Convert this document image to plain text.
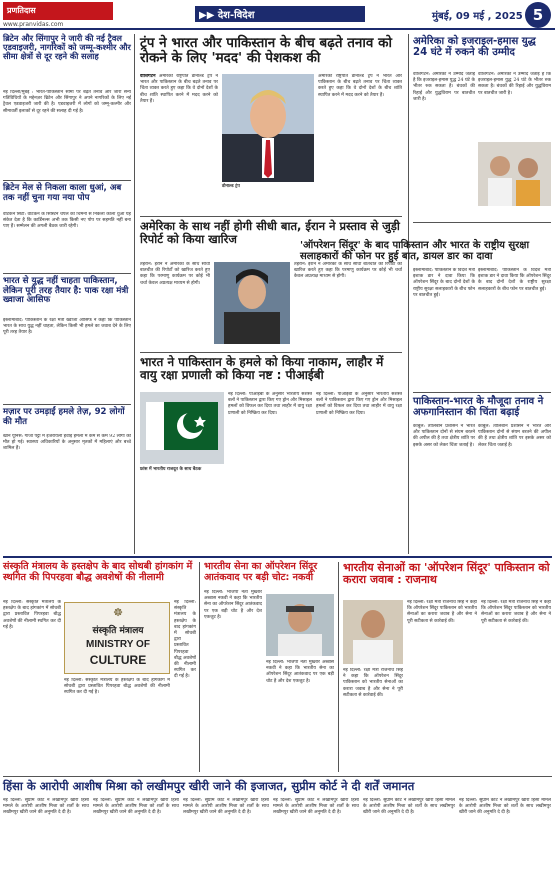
प्रणतिदास
www.pranvidas.com
▶▶ देश-विदेश	मुंबई, 09 मई , 2025 5
ब्रिटेन और सिंगापुर ने जारी की नई ट्रैवल एडवाइजरी, नागरिकों को जम्मू-कश्मीर और सीमा क्षेत्रों से दूर रहने की सलाह
नई दिल्ली/मुंबई : भारत-पाकिस्तान सीमा पर बढ़ते तनाव और जारी सैन्य गतिविधियों के मद्देनज़र ब्रिटेन और सिंगापुर ने अपने नागरिकों के लिए नई ट्रैवल एडवाइजरी जारी की है। एडवाइजरी में लोगों को जम्मू-कश्मीर और सीमावर्ती इलाकों से दूर रहने की सलाह दी गई है।
ब्रिटेन मेल से निकला काला धुआं, अब तक नहीं चुना गया नया पोप
वेटिकन सिटी: वेटिकन के सिस्टिन चैपल की चिमनी से निकला काला धुआं यह संकेत देता है कि कार्डिनल्स अभी तक किसी नए पोप पर सहमति नहीं बना पाए हैं। सम्मेलन की अगली बैठक जारी रहेगी।
भारत से युद्ध नहीं चाहता पाकिस्तान, लेकिन पूरी तरह तैयार है: पाक रक्षा मंत्री ख्वाजा आसिफ
इस्लामाबाद: पाकिस्तान के रक्षा मंत्री ख्वाजा आसिफ ने कहा कि पाकिस्तान भारत के साथ युद्ध नहीं चाहता, लेकिन किसी भी हमले का जवाब देने के लिए पूरी तरह तैयार है।
मज़ार पर उमड़ाईं हमले तेज़, 92 लोगों की मौत
खान यूनिस: गाजा पट्टी में इजरायली हवाई हमलों में कम से कम 92 लोगों की मौत हो गई। स्वास्थ्य अधिकारियों के अनुसार मृतकों में महिलाएं और बच्चे शामिल हैं।
ट्रंप ने भारत और पाकिस्तान के बीच बढ़ते तनाव को रोकने के लिए 'मदद' की पेशकश की
वाशिंगटन अमेरिकी राष्ट्रपति डोनाल्ड ट्रंप ने भारत और पाकिस्तान के बीच बढ़ते तनाव पर चिंता व्यक्त करते हुए कहा कि वे दोनों देशों के बीच शांति स्थापित करने में मदद करने को तैयार हैं।
डोनाल्ड ट्रंप
अमेरिकी राष्ट्रपति डोनाल्ड ट्रंप ने भारत और पाकिस्तान के बीच बढ़ते तनाव पर चिंता व्यक्त करते हुए कहा कि वे दोनों देशों के बीच शांति स्थापित करने में मदद करने को तैयार हैं।
अमेरिका के साथ नहीं होगी सीधी बात, ईरान ने प्रस्ताव से जुड़ी रिपोर्ट को किया खारिज
तेहरान: ईरान ने अमेरिका के साथ सीधी बातचीत की रिपोर्टों को खारिज करते हुए कहा कि परमाणु कार्यक्रम पर कोई भी चर्चा केवल अप्रत्यक्ष माध्यम से होगी।
तेहरान: ईरान ने अमेरिका के साथ सीधी बातचीत की रिपोर्टों को खारिज करते हुए कहा कि परमाणु कार्यक्रम पर कोई भी चर्चा केवल अप्रत्यक्ष माध्यम से होगी।
भारत ने पाकिस्तान के हमले को किया नाकाम, लाहौर में वायु रक्षा प्रणाली को किया नष्ट : पीआईबी
फ्रांस में भारतीय राजदूत के साथ बैठक
नई दिल्ली: पीआईबी के अनुसार भारतीय सशस्त्र बलों ने पाकिस्तान द्वारा किए गए ड्रोन और मिसाइल हमलों को विफल कर दिया तथा लाहौर में वायु रक्षा प्रणाली को निष्क्रिय कर दिया।
नई दिल्ली: पीआईबी के अनुसार भारतीय सशस्त्र बलों ने पाकिस्तान द्वारा किए गए ड्रोन और मिसाइल हमलों को विफल कर दिया तथा लाहौर में वायु रक्षा प्रणाली को निष्क्रिय कर दिया।
अमेरिका को इजराइल-हमास युद्ध 24 घंटे में रुकने की उम्मीद
वाशिंगटन: अमेरिका ने उम्मीद जताई है कि इजराइल-हमास युद्ध 24 घंटे के भीतर रुक सकता है। बंधकों की रिहाई और युद्धविराम पर बातचीत जारी है।
वाशिंगटन: अमेरिका ने उम्मीद जताई है कि इजराइल-हमास युद्ध 24 घंटे के भीतर रुक सकता है। बंधकों की रिहाई और युद्धविराम पर बातचीत जारी है।
'ऑपरेशन सिंदूर' के बाद पाकिस्तान और भारत के राष्ट्रीय सुरक्षा सलाहकारों की फोन पर हुई बात, डायल डार का दावा
इस्लामाबाद: पाकिस्तान के विदेश मंत्री इशाक डार ने दावा किया कि ऑपरेशन सिंदूर के बाद दोनों देशों के राष्ट्रीय सुरक्षा सलाहकारों के बीच फोन पर बातचीत हुई।
इस्लामाबाद: पाकिस्तान के विदेश मंत्री इशाक डार ने दावा किया कि ऑपरेशन सिंदूर के बाद दोनों देशों के राष्ट्रीय सुरक्षा सलाहकारों के बीच फोन पर बातचीत हुई।
पाकिस्तान-भारत के मौजूदा तनाव ने अफगानिस्तान की चिंता बढ़ाई
काबुल: तालिबान प्रशासन ने भारत और पाकिस्तान दोनों से संयम बरतने की अपील की है तथा क्षेत्रीय शांति पर इसके असर को लेकर चिंता जताई है।
काबुल: तालिबान प्रशासन ने भारत और पाकिस्तान दोनों से संयम बरतने की अपील की है तथा क्षेत्रीय शांति पर इसके असर को लेकर चिंता जताई है।
संस्कृति मंत्रालय के हस्तक्षेप के बाद सोथबी हांगकांग में स्थगित की पिपरहवा बौद्ध अवशेषों की नीलामी
नई दिल्ली: संस्कृति मंत्रालय के हस्तक्षेप के बाद हांगकांग में सोथबी द्वारा प्रस्तावित पिपरहवा बौद्ध अवशेषों की नीलामी स्थगित कर दी गई है।
☸
संस्कृति मंत्रालय
MINISTRY OF
CULTURE
नई दिल्ली: संस्कृति मंत्रालय के हस्तक्षेप के बाद हांगकांग में सोथबी द्वारा प्रस्तावित पिपरहवा बौद्ध अवशेषों की नीलामी स्थगित कर दी गई है।
नई दिल्ली: संस्कृति मंत्रालय के हस्तक्षेप के बाद हांगकांग में सोथबी द्वारा प्रस्तावित पिपरहवा बौद्ध अवशेषों की नीलामी स्थगित कर दी गई है।
भारतीय सेना का ऑपरेशन सिंदूर आतंकवाद पर बड़ी चोट: नकवी
नई दिल्ली: भाजपा नेता मुख्तार अब्बास नकवी ने कहा कि भारतीय सेना का ऑपरेशन सिंदूर आतंकवाद पर एक बड़ी चोट है और देश एकजुट है।
नई दिल्ली: भाजपा नेता मुख्तार अब्बास नकवी ने कहा कि भारतीय सेना का ऑपरेशन सिंदूर आतंकवाद पर एक बड़ी चोट है और देश एकजुट है।
भारतीय सेनाओं का 'ऑपरेशन सिंदूर' पाकिस्तान को करारा जवाब : राजनाथ
नई दिल्ली: रक्षा मंत्री राजनाथ सिंह ने कहा कि ऑपरेशन सिंदूर पाकिस्तान को भारतीय सेनाओं का करारा जवाब है और सेना ने पूरी सटीकता से कार्रवाई की।
नई दिल्ली: रक्षा मंत्री राजनाथ सिंह ने कहा कि ऑपरेशन सिंदूर पाकिस्तान को भारतीय सेनाओं का करारा जवाब है और सेना ने पूरी सटीकता से कार्रवाई की।
नई दिल्ली: रक्षा मंत्री राजनाथ सिंह ने कहा कि ऑपरेशन सिंदूर पाकिस्तान को भारतीय सेनाओं का करारा जवाब है और सेना ने पूरी सटीकता से कार्रवाई की।
हिंसा के आरोपी आशीष मिश्रा को लखीमपुर खीरी जाने की इजाजत, सुप्रीम कोर्ट ने दी शर्तें जमानत
नई दिल्ली: सुप्रीम कोर्ट ने लखीमपुर खीरी हिंसा मामले के आरोपी आशीष मिश्रा को शर्तों के साथ लखीमपुर खीरी जाने की अनुमति दे दी है।
नई दिल्ली: सुप्रीम कोर्ट ने लखीमपुर खीरी हिंसा मामले के आरोपी आशीष मिश्रा को शर्तों के साथ लखीमपुर खीरी जाने की अनुमति दे दी है।
नई दिल्ली: सुप्रीम कोर्ट ने लखीमपुर खीरी हिंसा मामले के आरोपी आशीष मिश्रा को शर्तों के साथ लखीमपुर खीरी जाने की अनुमति दे दी है।
नई दिल्ली: सुप्रीम कोर्ट ने लखीमपुर खीरी हिंसा मामले के आरोपी आशीष मिश्रा को शर्तों के साथ लखीमपुर खीरी जाने की अनुमति दे दी है।
नई दिल्ली: सुप्रीम कोर्ट ने लखीमपुर खीरी हिंसा मामले के आरोपी आशीष मिश्रा को शर्तों के साथ लखीमपुर खीरी जाने की अनुमति दे दी है।
नई दिल्ली: सुप्रीम कोर्ट ने लखीमपुर खीरी हिंसा मामले के आरोपी आशीष मिश्रा को शर्तों के साथ लखीमपुर खीरी जाने की अनुमति दे दी है।
